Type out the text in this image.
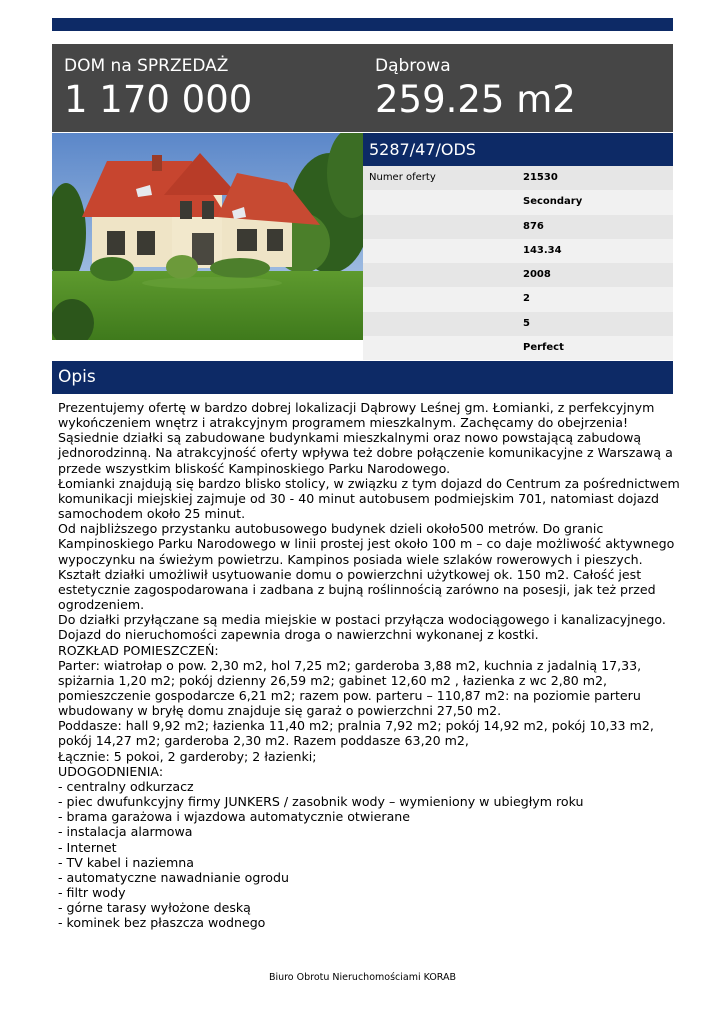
DOM na SPRZEDAŻ
1 170 000
Dąbrowa
259.25 m2
5287/47/ODS
Numer oferty	21530
Secondary
876
143.34
2008
2
5
Perfect
Opis
Prezentujemy ofertę w bardzo dobrej lokalizacji Dąbrowy Leśnej gm. Łomianki, z perfekcyjnym
wykończeniem wnętrz i atrakcyjnym programem mieszkalnym. Zachęcamy do obejrzenia!
Sąsiednie działki są zabudowane budynkami mieszkalnymi oraz nowo powstającą zabudową
jednorodzinną. Na atrakcyjność oferty wpływa też dobre połączenie komunikacyjne z Warszawą a
przede wszystkim bliskość Kampinoskiego Parku Narodowego.
Łomianki znajdują się bardzo blisko stolicy, w związku z tym dojazd do Centrum za pośrednictwem
komunikacji miejskiej zajmuje od 30 - 40 minut autobusem podmiejskim 701, natomiast dojazd
samochodem około 25 minut.
Od najbliższego przystanku autobusowego budynek dzieli około500 metrów. Do granic
Kampinoskiego Parku Narodowego w linii prostej jest około 100 m – co daje możliwość aktywnego
wypoczynku na świeżym powietrzu. Kampinos posiada wiele szlaków rowerowych i pieszych.
Kształt działki umożliwił usytuowanie domu o powierzchni użytkowej ok. 150 m2. Całość jest
estetycznie zagospodarowana i zadbana z bujną roślinnością zarówno na posesji, jak też przed
ogrodzeniem.
Do działki przyłączane są media miejskie w postaci przyłącza wodociągowego i kanalizacyjnego.
Dojazd do nieruchomości zapewnia droga o nawierzchni wykonanej z kostki.
ROZKŁAD POMIESZCZEŃ:
Parter: wiatrołap o pow. 2,30 m2, hol 7,25 m2; garderoba 3,88 m2, kuchnia z jadalnią 17,33,
spiżarnia 1,20 m2; pokój dzienny 26,59 m2; gabinet 12,60 m2 , łazienka z wc 2,80 m2,
pomieszczenie gospodarcze 6,21 m2; razem pow. parteru – 110,87 m2: na poziomie parteru
wbudowany w bryłę domu znajduje się garaż o powierzchni 27,50 m2.
Poddasze: hall 9,92 m2; łazienka 11,40 m2; pralnia 7,92 m2; pokój 14,92 m2, pokój 10,33 m2,
pokój 14,27 m2; garderoba 2,30 m2. Razem poddasze 63,20 m2,
Łącznie: 5 pokoi, 2 garderoby; 2 łazienki;
UDOGODNIENIA:
- centralny odkurzacz
- piec dwufunkcyjny firmy JUNKERS / zasobnik wody – wymieniony w ubiegłym roku
- brama garażowa i wjazdowa automatycznie otwierane
- instalacja alarmowa
- Internet
- TV kabel i naziemna
- automatyczne nawadnianie ogrodu
- filtr wody
- górne tarasy wyłożone deską
- kominek bez płaszcza wodnego
Biuro Obrotu Nieruchomościami KORAB
